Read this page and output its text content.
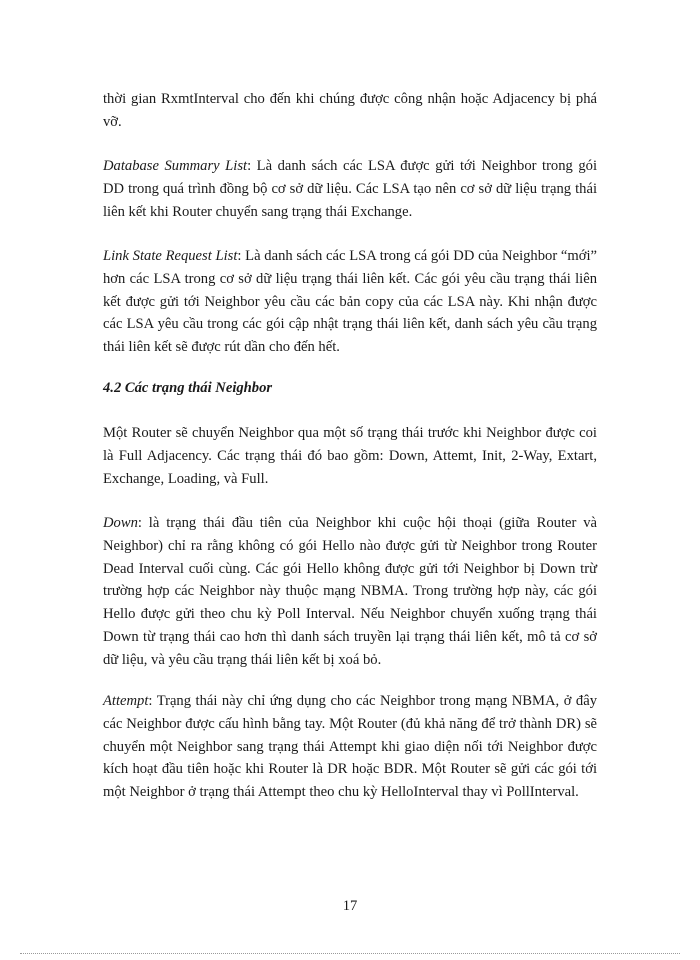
thời gian RxmtInterval cho đến khi chúng được công nhận hoặc Adjacency bị phá vỡ.

Database Summary List: Là danh sách các LSA được gửi tới Neighbor trong gói DD trong quá trình đồng bộ cơ sở dữ liệu. Các LSA tạo nên cơ sở dữ liệu trạng thái liên kết khi Router chuyển sang trạng thái Exchange.

Link State Request List: Là danh sách các LSA trong cá gói DD của Neighbor “mới” hơn các LSA trong cơ sở dữ liệu trạng thái liên kết. Các gói yêu cầu trạng thái liên kết được gửi tới Neighbor yêu cầu các bản copy của các LSA này. Khi nhận được các LSA yêu cầu trong các gói cập nhật trạng thái liên kết, danh sách yêu cầu trạng thái liên kết sẽ được rút dần cho đến hết.

4.2 Các trạng thái Neighbor

Một Router sẽ chuyển Neighbor qua một số trạng thái trước khi Neighbor được coi là Full Adjacency. Các trạng thái đó bao gồm: Down, Attemt, Init, 2-Way, Extart, Exchange, Loading, và Full.

Down: là trạng thái đầu tiên của Neighbor khi cuộc hội thoại (giữa Router và Neighbor) chỉ ra rằng không có gói Hello nào được gửi từ Neighbor trong Router Dead Interval cuối cùng. Các gói Hello không được gửi tới Neighbor bị Down trừ trường hợp các Neighbor này thuộc mạng NBMA. Trong trường hợp này, các gói Hello được gửi theo chu kỳ Poll Interval. Nếu Neighbor chuyển xuống trạng thái Down từ trạng thái cao hơn thì danh sách truyền lại trạng thái liên kết, mô tả cơ sở dữ liệu, và yêu cầu trạng thái liên kết bị xoá bỏ.

Attempt: Trạng thái này chỉ ứng dụng cho các Neighbor trong mạng NBMA, ở đây các Neighbor được cấu hình bằng tay. Một Router (đủ khả năng để trở thành DR) sẽ chuyển một Neighbor sang trạng thái Attempt khi giao diện nối tới Neighbor được kích hoạt đầu tiên hoặc khi Router là DR hoặc BDR. Một Router sẽ gửi các gói tới một Neighbor ở trạng thái Attempt theo chu kỳ HelloInterval thay vì PollInterval.

17
